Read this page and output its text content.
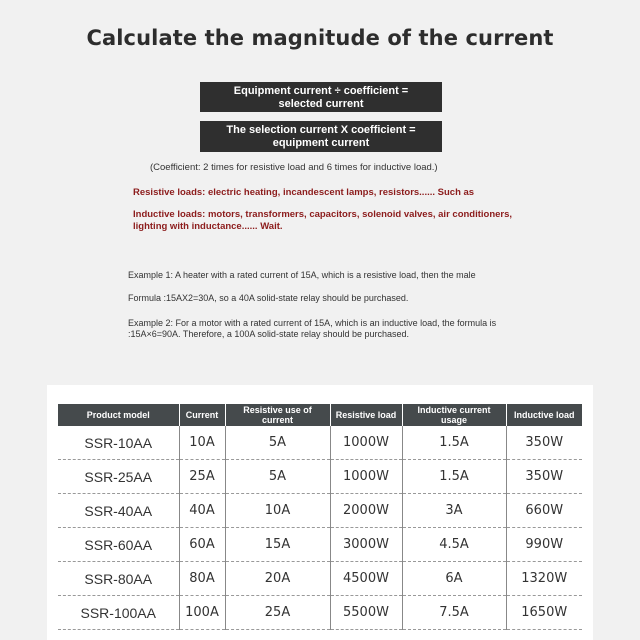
Calculate the magnitude of the current
Equipment current ÷ coefficient =
selected current
The selection current X coefficient =
equipment current
(Coefficient: 2 times for resistive load and 6 times for inductive load.)
Resistive loads: electric heating, incandescent lamps, resistors...... Such as
Inductive loads: motors, transformers, capacitors, solenoid valves, air conditioners, lighting with inductance...... Wait.
Example 1: A heater with a rated current of 15A, which is a resistive load, then the male
Formula :15AX2=30A, so a 40A solid-state relay should be purchased.
Example 2: For a motor with a rated current of 15A, which is an inductive load, the formula is :15A×6=90A. Therefore, a 100A solid-state relay should be purchased.
Product model	Current	Resistive use of current	Resistive load	Inductive current usage	Inductive load
SSR-10AA	10A	5A	1000W	1.5A	350W
SSR-25AA	25A	5A	1000W	1.5A	350W
SSR-40AA	40A	10A	2000W	3A	660W
SSR-60AA	60A	15A	3000W	4.5A	990W
SSR-80AA	80A	20A	4500W	6A	1320W
SSR-100AA	100A	25A	5500W	7.5A	1650W
